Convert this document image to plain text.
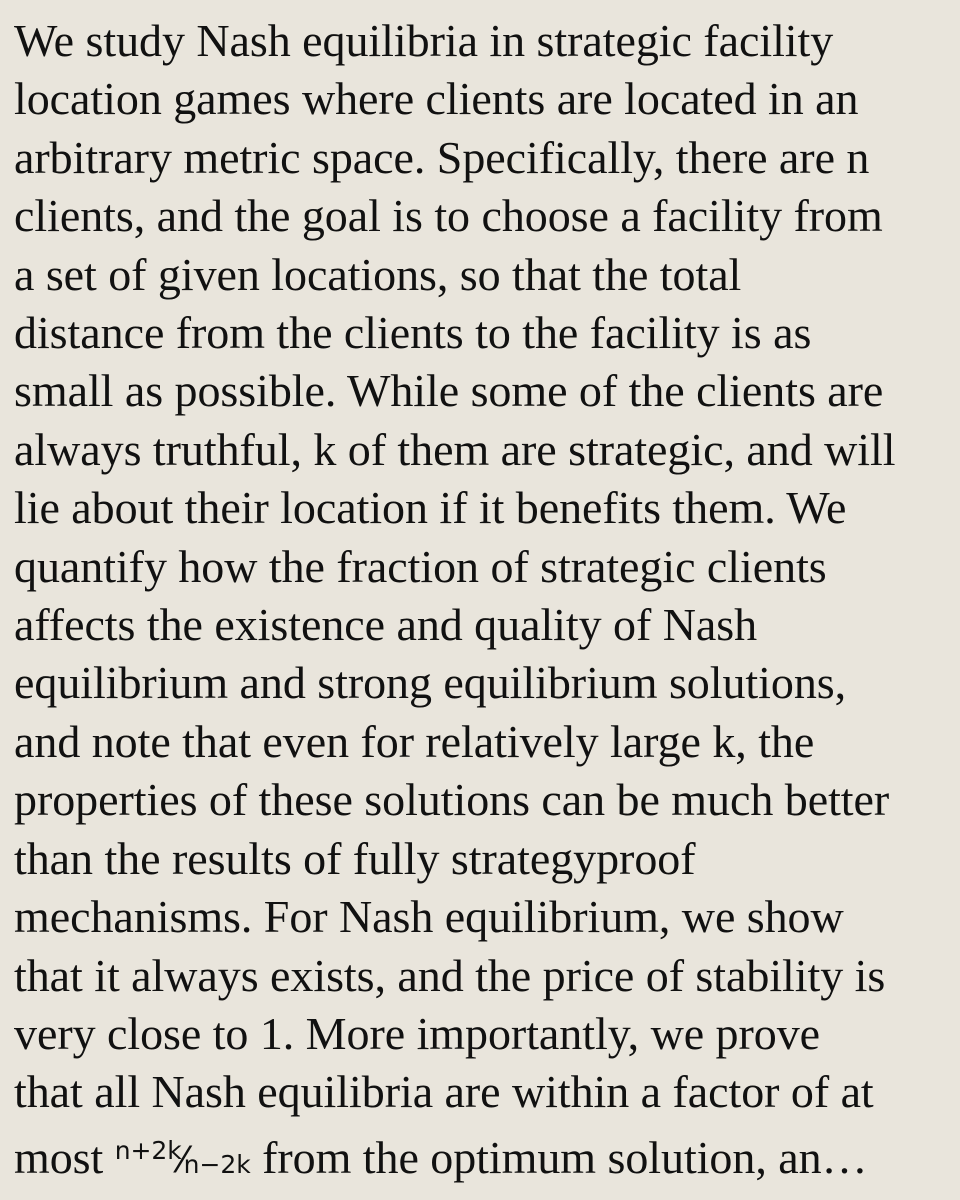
We study Nash equilibria in strategic facility
location games where clients are located in an
arbitrary metric space. Specifically, there are n
clients, and the goal is to choose a facility from
a set of given locations, so that the total
distance from the clients to the facility is as
small as possible. While some of the clients are
always truthful, k of them are strategic, and will
lie about their location if it benefits them. We
quantify how the fraction of strategic clients
affects the existence and quality of Nash
equilibrium and strong equilibrium solutions,
and note that even for relatively large k, the
properties of these solutions can be much better
than the results of fully strategyproof
mechanisms. For Nash equilibrium, we show
that it always exists, and the price of stability is
very close to 1. More importantly, we prove
that all Nash equilibria are within a factor of at
most $^{n+2k}$⁄n−2k from the optimum solution, an…
